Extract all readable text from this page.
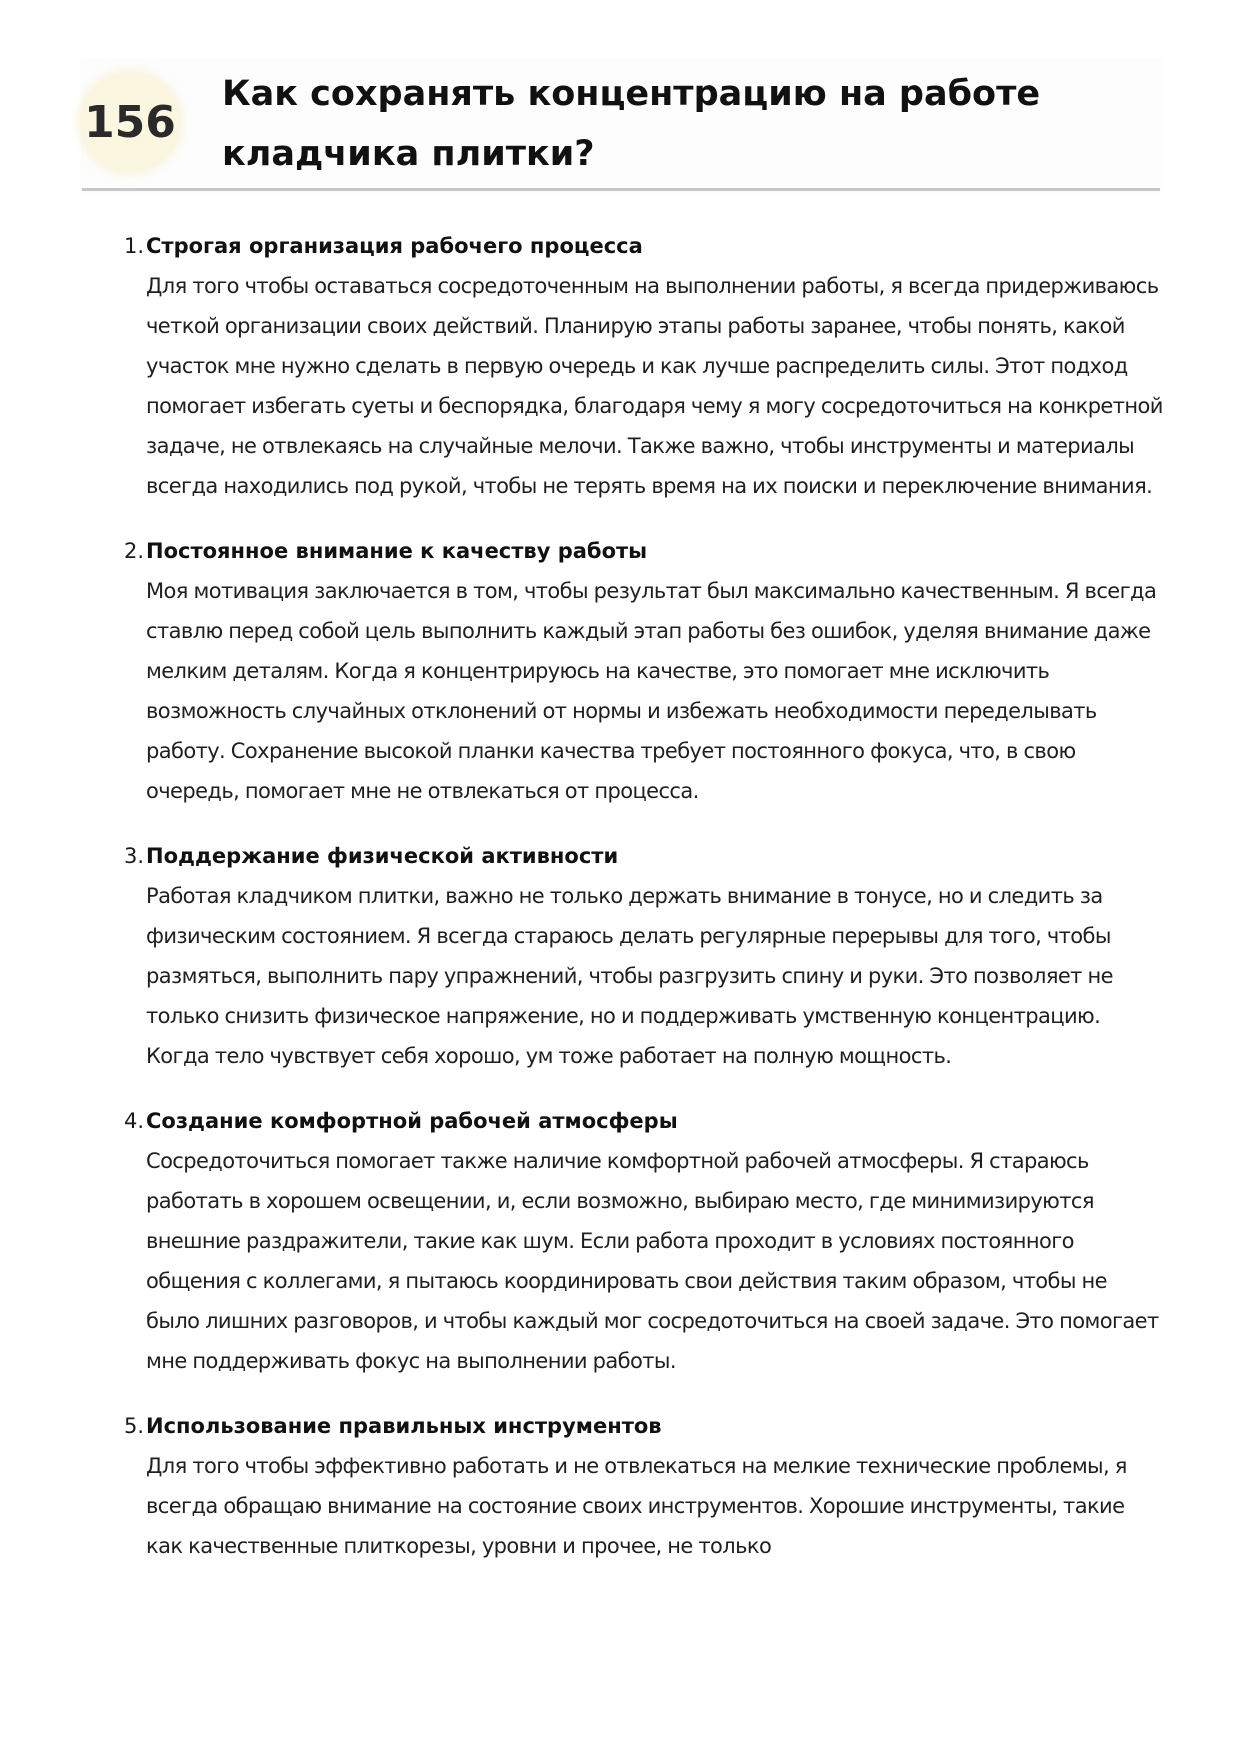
156
Как сохранять концентрацию на работе кладчика плитки?
1. Строгая организация рабочего процесса

Для того чтобы оставаться сосредоточенным на выполнении работы, я всегда придерживаюсь четкой организации своих действий. Планирую этапы работы заранее, чтобы понять, какой участок мне нужно сделать в первую очередь и как лучше распределить силы. Этот подход помогает избегать суеты и беспорядка, благодаря чему я могу сосредоточиться на конкретной задаче, не отвлекаясь на случайные мелочи. Также важно, чтобы инструменты и материалы всегда находились под рукой, чтобы не терять время на их поиски и переключение внимания.

2. Постоянное внимание к качеству работы

Моя мотивация заключается в том, чтобы результат был максимально качественным. Я всегда ставлю перед собой цель выполнить каждый этап работы без ошибок, уделяя внимание даже мелким деталям. Когда я концентрируюсь на качестве, это помогает мне исключить возможность случайных отклонений от нормы и избежать необходимости переделывать работу. Сохранение высокой планки качества требует постоянного фокуса, что, в свою очередь, помогает мне не отвлекаться от процесса.

3. Поддержание физической активности

Работая кладчиком плитки, важно не только держать внимание в тонусе, но и следить за физическим состоянием. Я всегда стараюсь делать регулярные перерывы для того, чтобы размяться, выполнить пару упражнений, чтобы разгрузить спину и руки. Это позволяет не только снизить физическое напряжение, но и поддерживать умственную концентрацию. Когда тело чувствует себя хорошо, ум тоже работает на полную мощность.

4. Создание комфортной рабочей атмосферы

Сосредоточиться помогает также наличие комфортной рабочей атмосферы. Я стараюсь работать в хорошем освещении, и, если возможно, выбираю место, где минимизируются внешние раздражители, такие как шум. Если работа проходит в условиях постоянного общения с коллегами, я пытаюсь координировать свои действия таким образом, чтобы не было лишних разговоров, и чтобы каждый мог сосредоточиться на своей задаче. Это помогает мне поддерживать фокус на выполнении работы.

5. Использование правильных инструментов

Для того чтобы эффективно работать и не отвлекаться на мелкие технические проблемы, я всегда обращаю внимание на состояние своих инструментов. Хорошие инструменты, такие как качественные плиткорезы, уровни и прочее, не только
